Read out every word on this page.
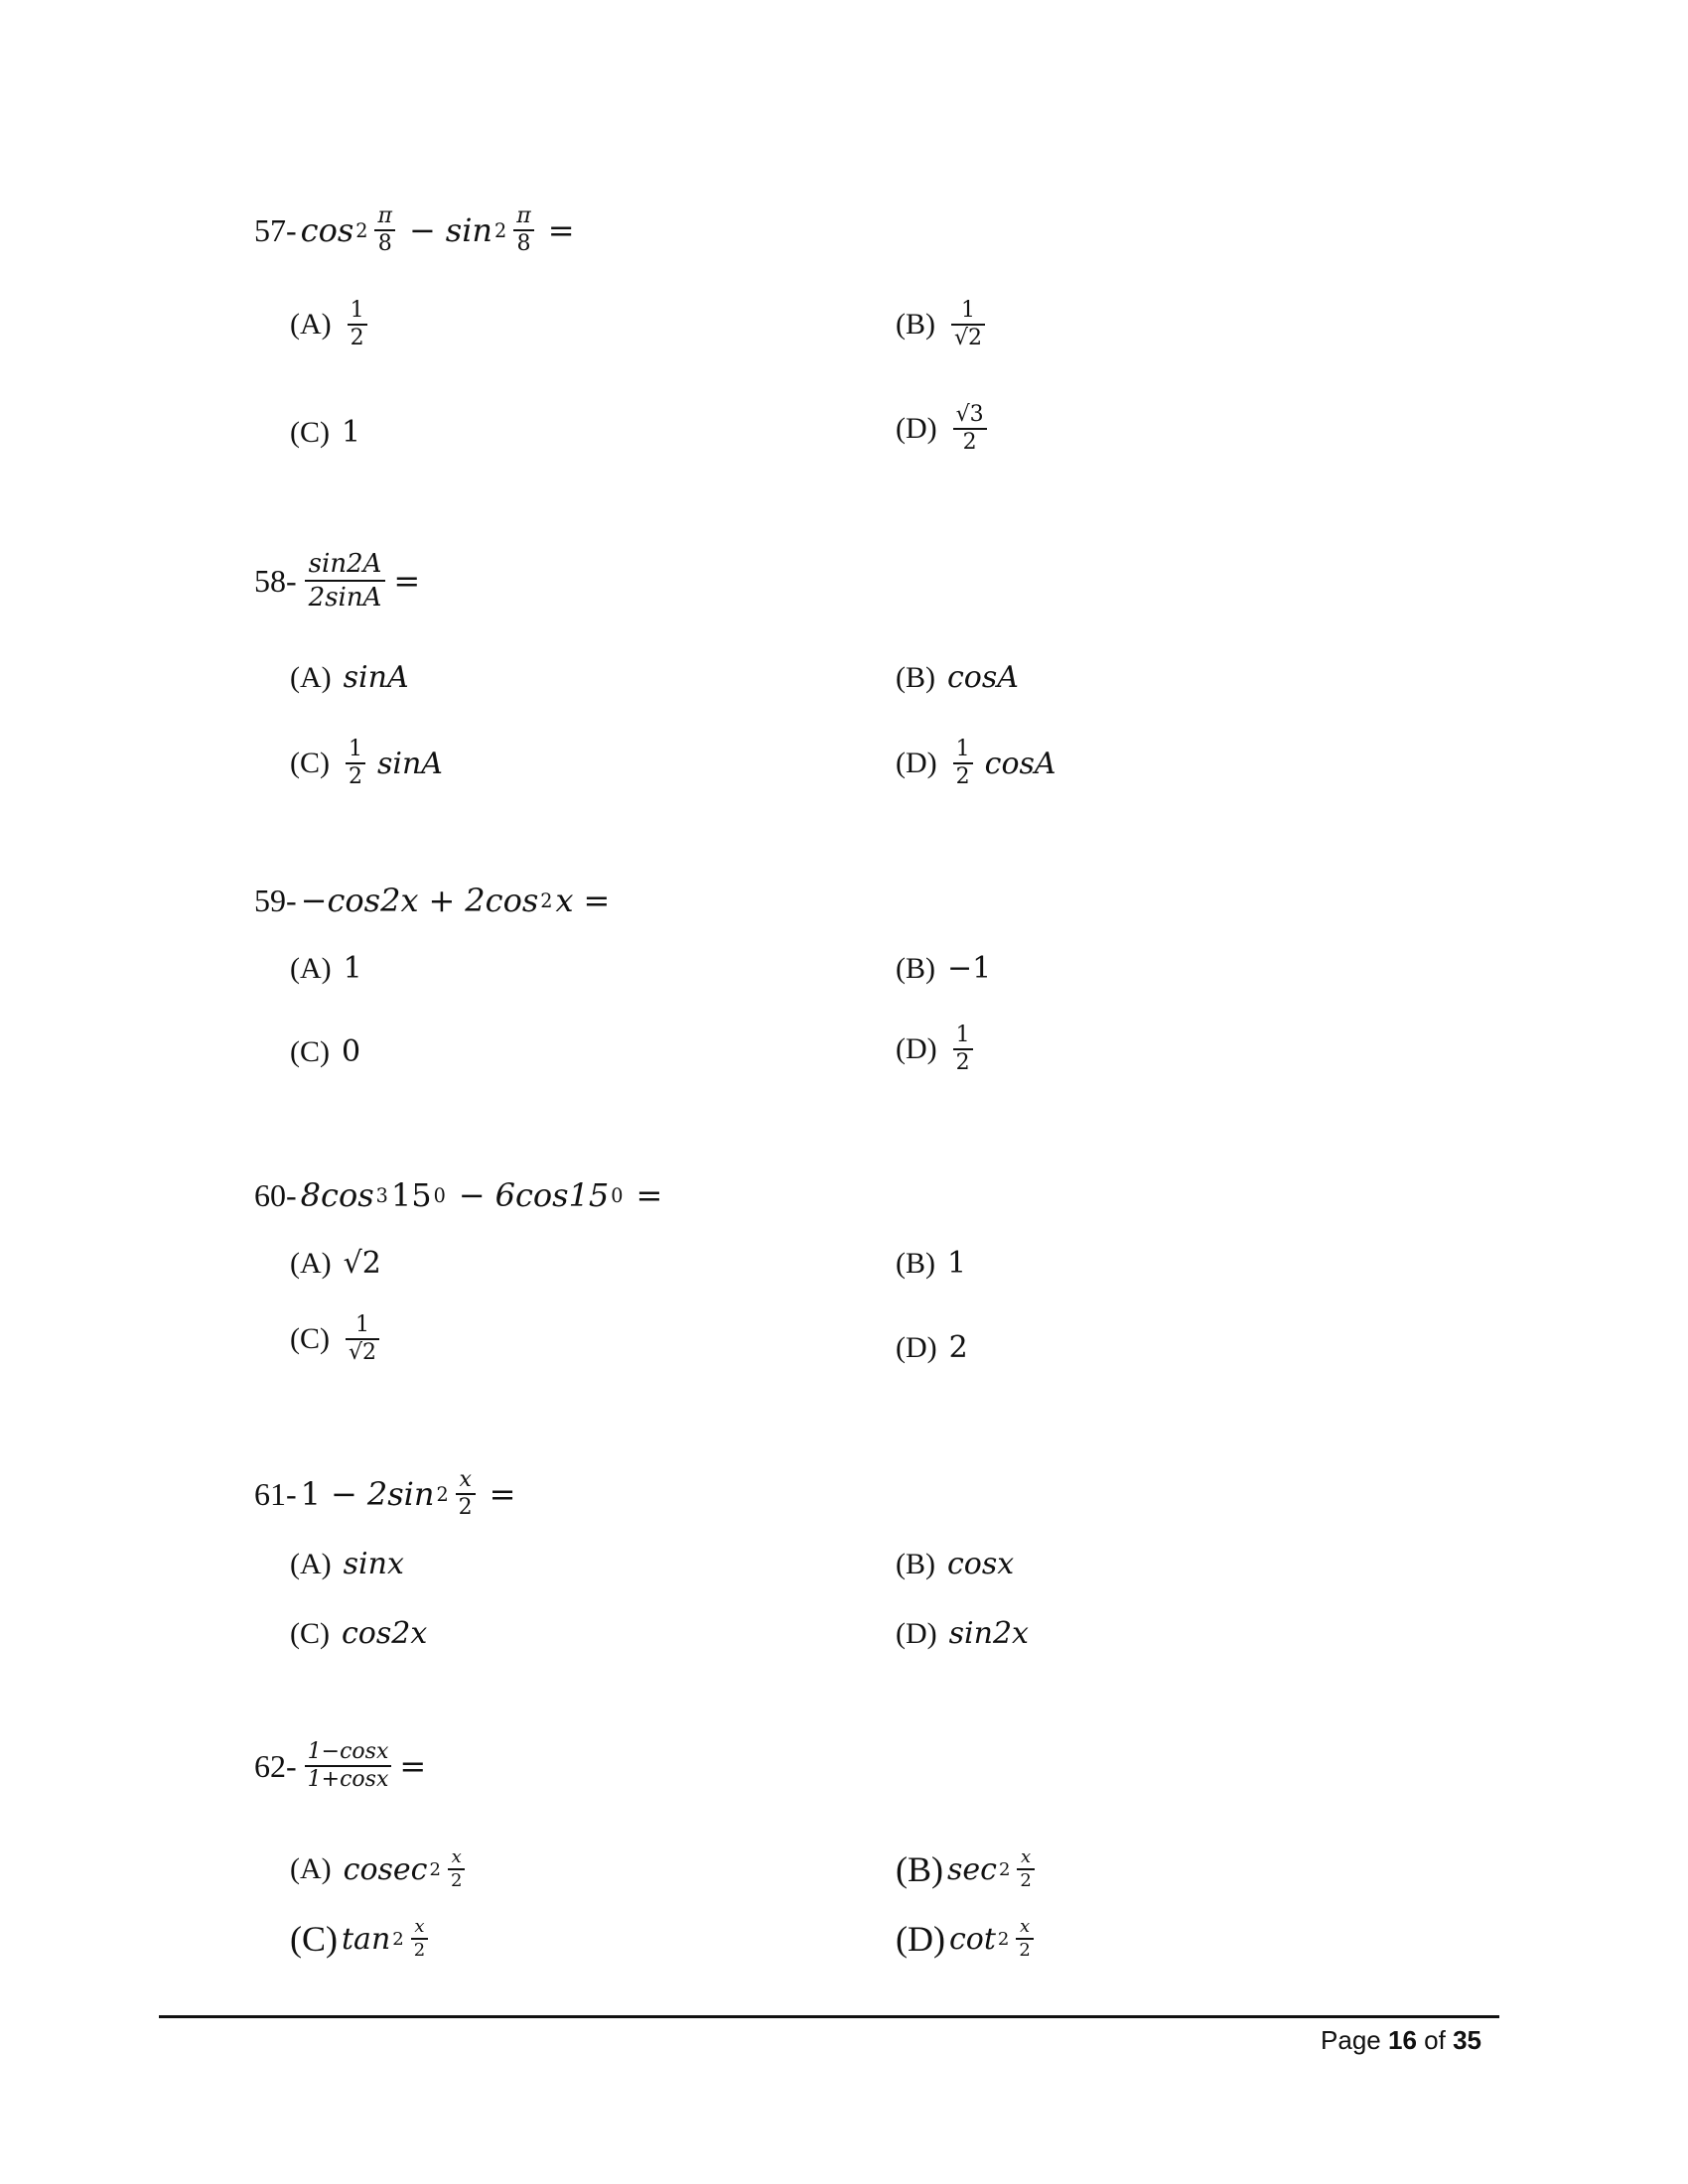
57- $\cos 2 \frac{\pi}{8} - \sin 2 \frac{\pi}{8}$ =
$(A) \frac{1}{2}$	$(B) \frac{1}{√2}$
(C) 1	$(D) \frac{√3}{2}$
$58- \frac{\sin 2A}{2\sin A}$ =
(A) sinA	(B) cosA
$(C) \frac{1}{2}$ sinA	$(D) \frac{1}{2}$ cosA
59- −cos2x + 2cos 2 x =
(A) 1	(B) −1
(C) 0	$(D) \frac{1}{2}$
60- 8cos 3 15 0 − 6cos15 0 =
(A) √2	(B) 1
$(C) \frac{1}{√2}$	(D) 2
61- 1 − 2sin $2 \frac{x}{2}$ =
(A) sinx	(B) cosx
(C) cos2x	(D) sin2x
$62- \frac{1-\cos x}{1+\cos x}$ =
(A) cosec $2 \frac{x}{2}$	(B) $\sec 2 \frac{x}{2}$
(C) $\tan 2 \frac{x}{2}$	(D) $\cot 2 \frac{x}{2}$
Page 16 of 35
